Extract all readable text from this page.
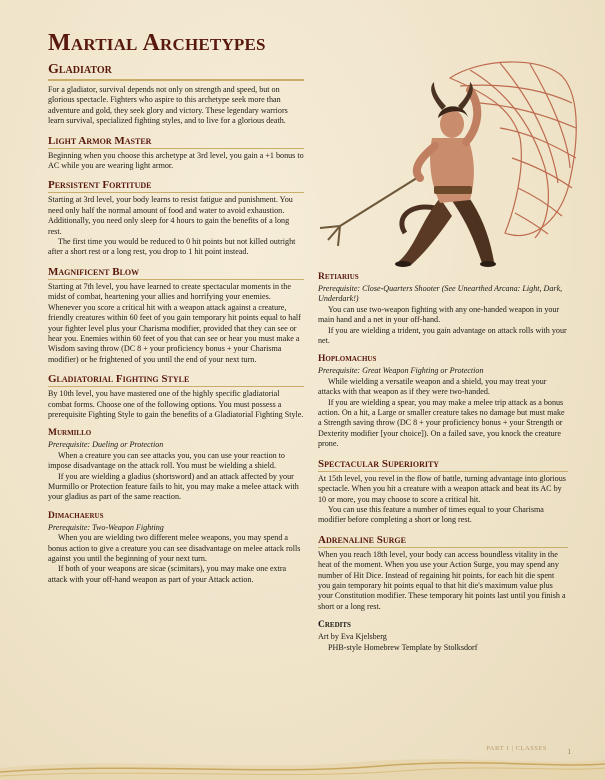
Martial Archetypes
Gladiator

For a gladiator, survival depends not only on strength and speed, but on glorious spectacle. Fighters who aspire to this archetype seek more than adventure and gold, they seek glory and victory. These legendary warriors learn survival, specialized fighting styles, and to live for a glorious death.

Light Armor Master

Beginning when you choose this archetype at 3rd level, you gain a +1 bonus to AC while you are wearing light armor.

Persistent Fortitude

Starting at 3rd level, your body learns to resist fatigue and punishment. You need only half the normal amount of food and water to avoid exhaustion. Additionally, you need only sleep for 4 hours to gain the benefits of a long rest.

The first time you would be reduced to 0 hit points but not killed outright after a short rest or a long rest, you drop to 1 hit point instead.

Magnificent Blow

Starting at 7th level, you have learned to create spectacular moments in the midst of combat, heartening your allies and horrifying your enemies. Whenever you score a critical hit with a weapon attack against a creature, friendly creatures within 60 feet of you gain temporary hit points equal to half your fighter level plus your Charisma modifier, provided that they can see or hear you. Enemies within 60 feet of you that can see or hear you must make a Wisdom saving throw (DC 8 + your proficiency bonus + your Charisma modifier) or be frightened of you until the end of your next turn.

Gladiatorial Fighting Style

By 10th level, you have mastered one of the highly specific gladiatorial combat forms. Choose one of the following options. You must possess a prerequisite Fighting Style to gain the benefits of a Gladiatorial Fighting Style.

Murmillo

Prerequisite: Dueling or Protection

When a creature you can see attacks you, you can use your reaction to impose disadvantage on the attack roll. You must be wielding a shield.

If you are wielding a gladius (shortsword) and an attack affected by your Murmillo or Protection feature fails to hit, you may make a melee attack with your gladius as part of the same reaction.

Dimachaerus

Prerequisite: Two-Weapon Fighting

When you are wielding two different melee weapons, you may spend a bonus action to give a creature you can see disadvantage on melee attack rolls against you until the beginning of your next turn.

If both of your weapons are sicae (scimitars), you may make one extra attack with your off-hand weapon as part of your Attack action.

Retiarius

Prerequisite: Close-Quarters Shooter (See Unearthed Arcana: Light, Dark, Underdark!)

You can use two-weapon fighting with any one-handed weapon in your main hand and a net in your off-hand.

If you are wielding a trident, you gain advantage on attack rolls with your net.

Hoplomachus

Prerequisite: Great Weapon Fighting or Protection

While wielding a versatile weapon and a shield, you may treat your attacks with that weapon as if they were two-handed.

If you are wielding a spear, you may make a melee trip attack as a bonus action. On a hit, a Large or smaller creature takes no damage but must make a Strength saving throw (DC 8 + your proficiency bonus + your Strength or Dexterity modifier [your choice]). On a failed save, you knock the creature prone.

Spectacular Superiority

At 15th level, you revel in the flow of battle, turning advantage into glorious spectacle. When you hit a creature with a weapon attack and beat its AC by 10 or more, you may choose to score a critical hit.

You can use this feature a number of times equal to your Charisma modifier before completing a short or long rest.

Adrenaline Surge

When you reach 18th level, your body can access boundless vitality in the heat of the moment. When you use your Action Surge, you may spend any number of Hit Dice. Instead of regaining hit points, for each hit die spent you gain temporary hit points equal to that hit die's maximum value plus your Constitution modifier. These temporary hit points last until you finish a short or a long rest.

Credits

Art by Eva Kjelsberg

PHB-style Homebrew Template by Stolksdorf

PART 1 | CLASSES	1
